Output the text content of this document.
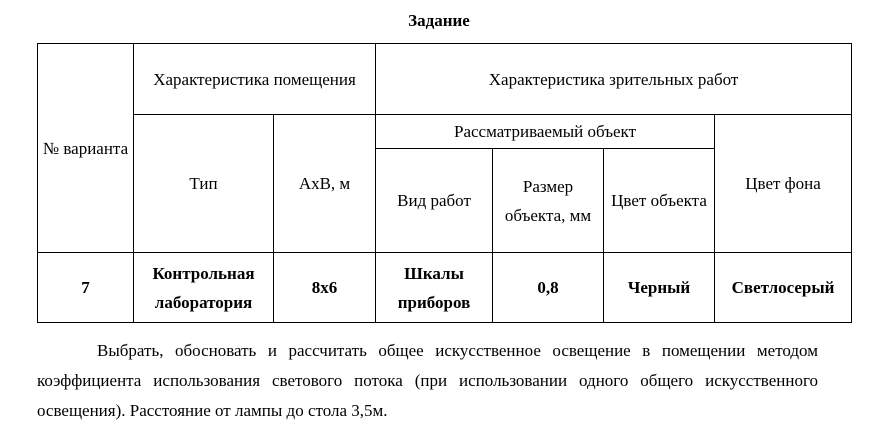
Задание
№ варианта	Характеристика помещения		Характеристика зрительных работ			
	Тип	AxB, м	Рассматриваемый объект			Цвет фона
			Вид работ	Размер объекта, мм	Цвет объекта	
7	Контрольная лаборатория	8х6	Шкалы приборов	0,8	Черный	Светлосерый

Выбрать, обосновать и рассчитать общее искусственное освещение в помещении методом коэффициента использования светового потока (при использовании одного общего искусственного освещения). Расстояние от лампы до стола 3,5м.
